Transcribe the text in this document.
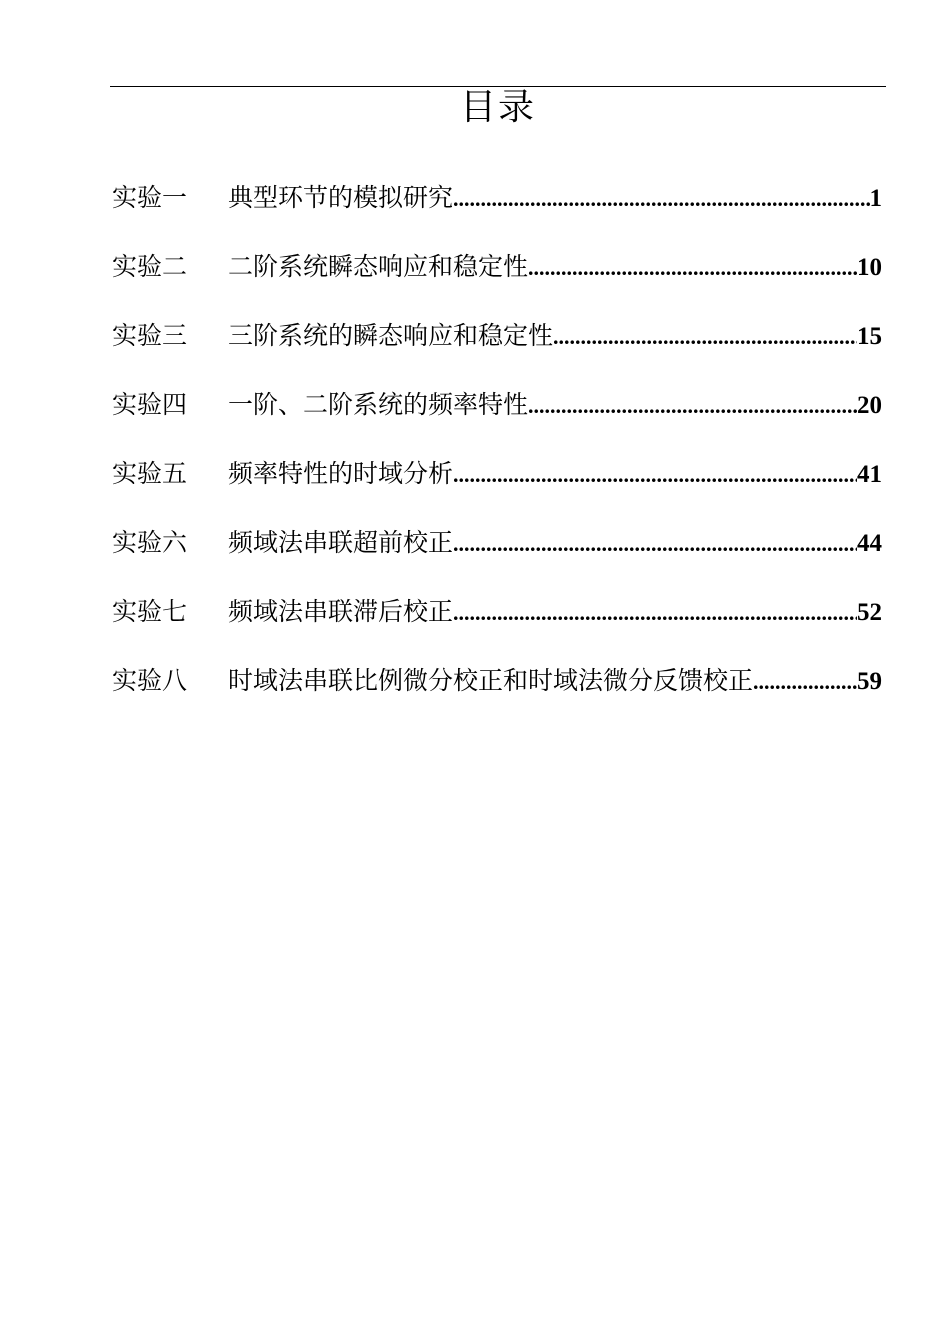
目录
实验一	典型环节的模拟研究 .....	1
实验二	二阶系统瞬态响应和稳定性 .....	10
实验三	三阶系统的瞬态响应和稳定性 .....	15
实验四	一阶、二阶系统的频率特性 .....	20
实验五	频率特性的时域分析 .....	41
实验六	频域法串联超前校正 .....	44
实验七	频域法串联滞后校正 .....	52
实验八	时域法串联比例微分校正和时域法微分反馈校正 .....	59
